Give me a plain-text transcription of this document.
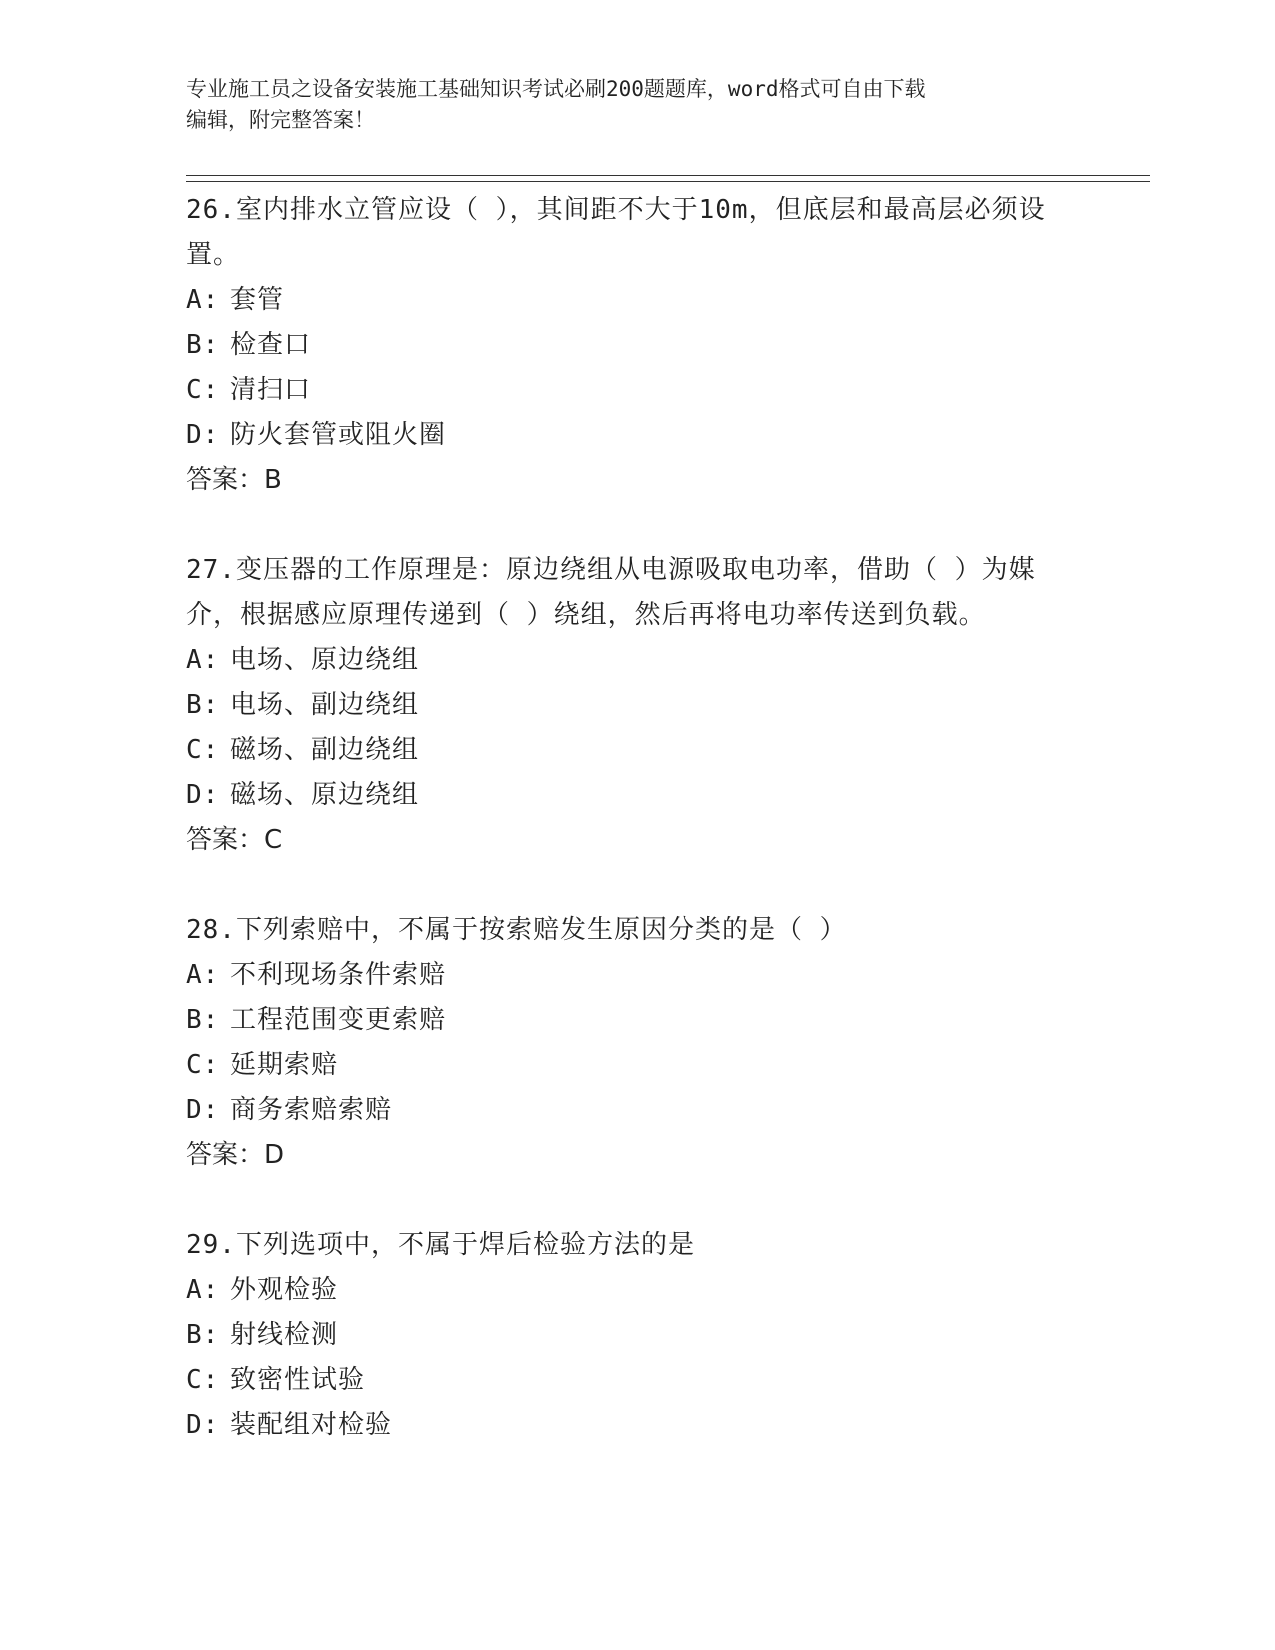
专业施工员之设备安装施工基础知识考试必刷200题题库，word格式可自由下载
编辑，附完整答案！
26.室内排水立管应设（ ），其间距不大于10m，但底层和最高层必须设置。
A: 套管
B: 检查口
C: 清扫口
D: 防火套管或阻火圈
答案：B
27.变压器的工作原理是：原边绕组从电源吸取电功率，借助（ ）为媒介，根据感应原理传递到（ ）绕组，然后再将电功率传送到负载。
A: 电场、原边绕组
B: 电场、副边绕组
C: 磁场、副边绕组
D: 磁场、原边绕组
答案：C
28.下列索赔中，不属于按索赔发生原因分类的是（ ）
A: 不利现场条件索赔
B: 工程范围变更索赔
C: 延期索赔
D: 商务索赔索赔
答案：D
29.下列选项中，不属于焊后检验方法的是
A: 外观检验
B: 射线检测
C: 致密性试验
D: 装配组对检验
